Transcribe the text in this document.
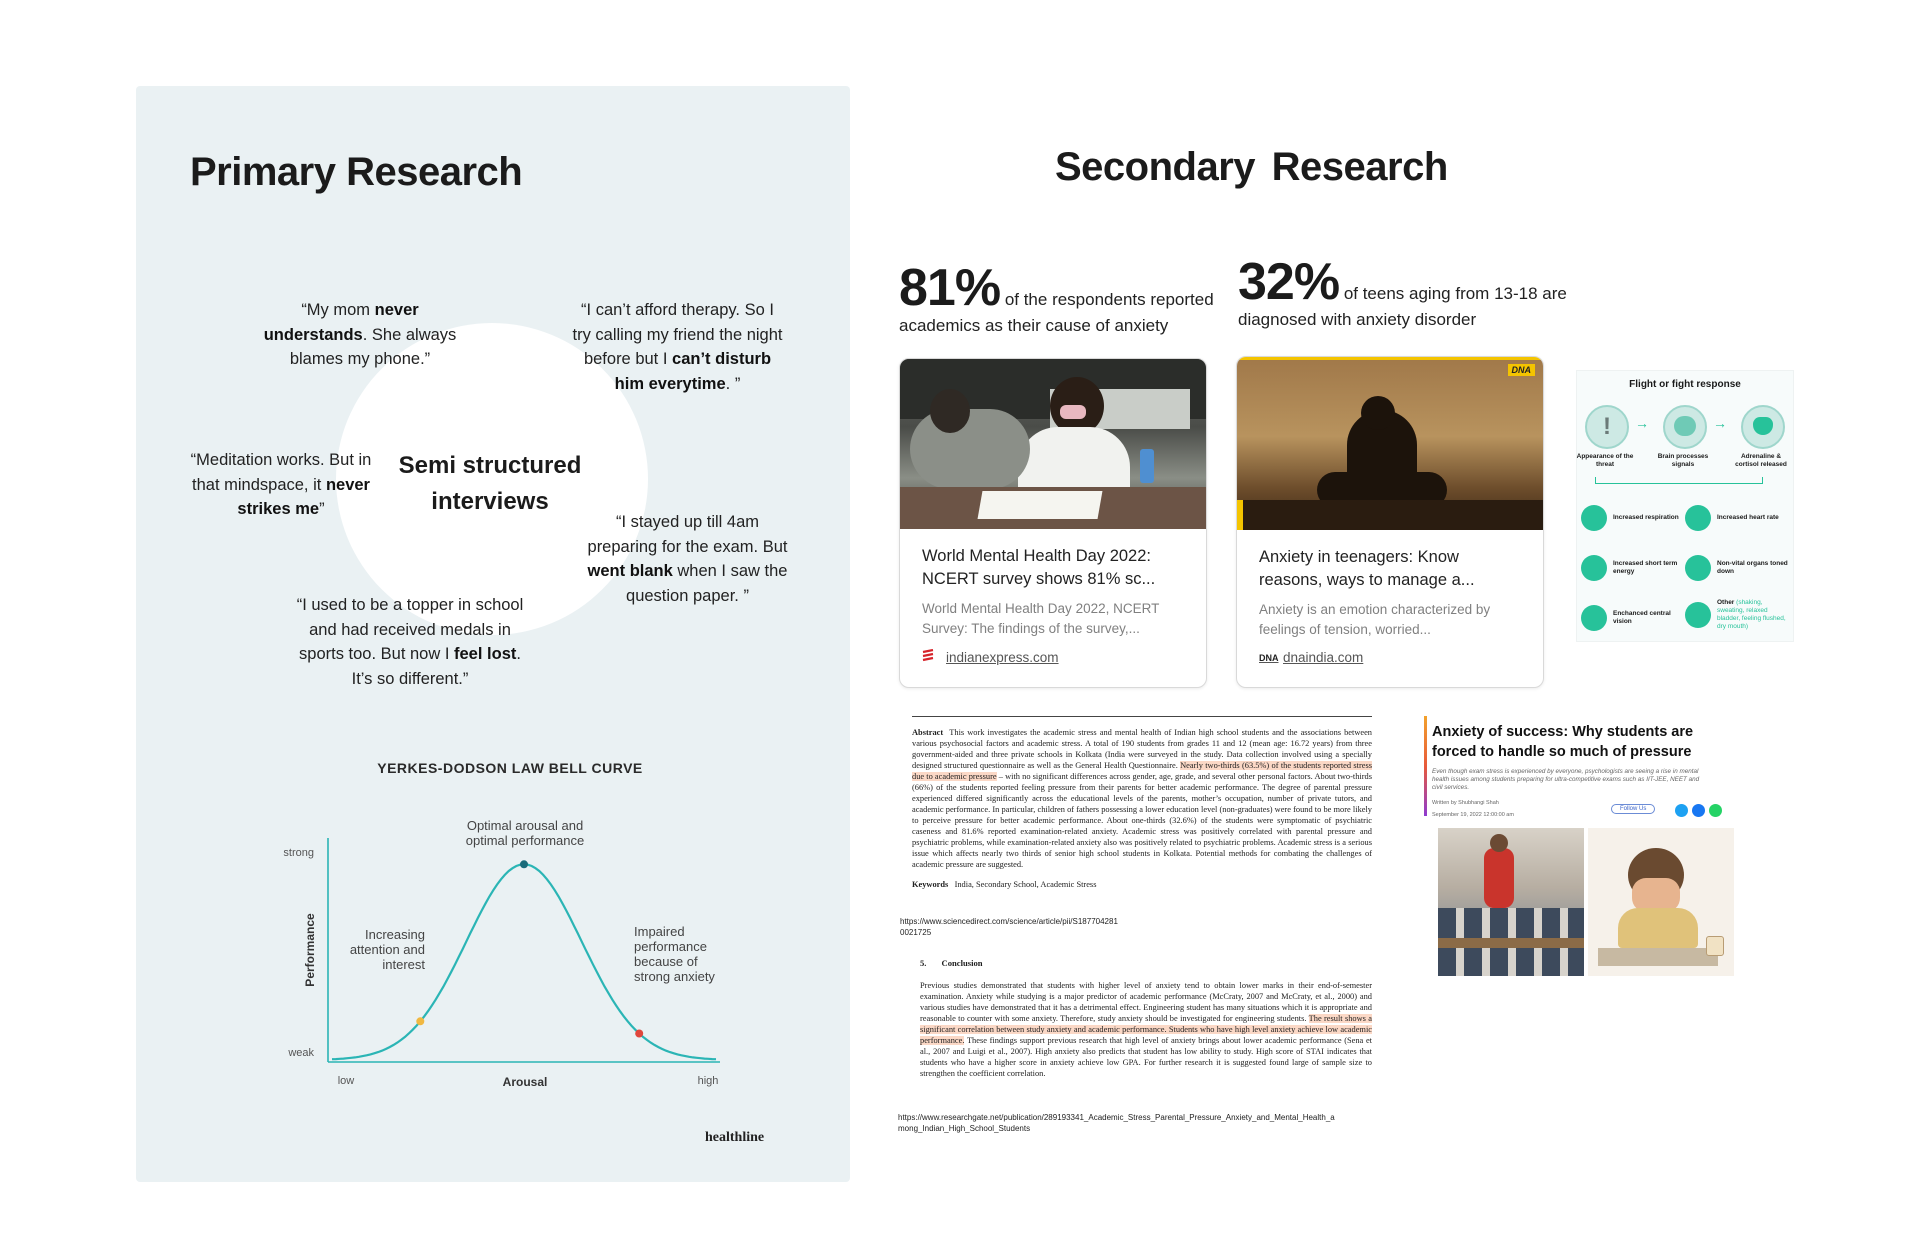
Primary Research
Semi structured interviews
“My mom never understands. She always blames my phone.”
“I can’t afford therapy. So I try calling my friend the night before but I can’t disturb him everytime. ”
“Meditation works. But in that mindspace, it never strikes me”
“I stayed up till 4am preparing for the exam. But went blank when I saw the question paper. ”
“I used to be a topper in school and had received medals in sports too. But now I feel lost. It’s so different.”
YERKES-DODSON LAW BELL CURVE
strong
weak
low	high
Arousal
Performance
Optimal arousal and optimal performance
Increasing attention and interest
Impaired performance because of strong anxiety
healthline
Secondary Research
81% of the respondents reported academics as their cause of anxiety
32% of teens aging from 13-18 are diagnosed with anxiety disorder
World Mental Health Day 2022: NCERT survey shows 81% sc...
World Mental Health Day 2022, NCERT Survey: The findings of the survey,...
indianexpress.com
DNA
Anxiety in teenagers: Know reasons, ways to manage a...
Anxiety is an emotion characterized by feelings of tension, worried...
DNA dnaindia.com
Flight or fight response
!	→	→
Appearance of the threat
Brain processes signals
Adrenaline & cortisol released
Increased respiration	Increased heart rate
Increased short term energy
Non-vital organs toned down
Enchanced central vision
Other (shaking, sweating, relaxed bladder, feeling flushed, dry mouth)
Abstract This work investigates the academic stress and mental health of Indian high school students and the associations between various psychosocial factors and academic stress. A total of 190 students from grades 11 and 12 (mean age: 16.72 years) from three government-aided and three private schools in Kolkata (India were surveyed in the study. Data collection involved using a specially designed structured questionnaire as well as the General Health Questionnaire. Nearly two-thirds (63.5%) of the students reported stress due to academic pressure – with no significant differences across gender, age, grade, and several other personal factors. About two-thirds (66%) of the students reported feeling pressure from their parents for better academic performance. The degree of parental pressure experienced differed significantly across the educational levels of the parents, mother’s occupation, number of private tutors, and academic performance. In particular, children of fathers possessing a lower education level (non-graduates) were found to be more likely to perceive pressure for better academic performance. About one-thirds (32.6%) of the students were symptomatic of psychiatric caseness and 81.6% reported examination-related anxiety. Academic stress was positively correlated with parental pressure and psychiatric problems, while examination-related anxiety also was positively related to psychiatric problems. Academic stress is a serious issue which affects nearly two thirds of senior high school students in Kolkata. Potential methods for combating the challenges of academic pressure are suggested.
Keywords India, Secondary School, Academic Stress
https://www.sciencedirect.com/science/article/pii/S1877042810021725
5.       Conclusion
Previous studies demonstrated that students with higher level of anxiety tend to obtain lower marks in their end-of-semester examination. Anxiety while studying is a major predictor of academic performance (McCraty, 2007 and McCraty, et al., 2000) and various studies have demonstrated that it has a detrimental effect. Engineering student has many situations which it is appropriate and reasonable to counter with some anxiety. Therefore, study anxiety should be investigated for engineering students. The result shows a significant correlation between study anxiety and academic performance. Students who have high level anxiety achieve low academic performance. These findings support previous research that high level of anxiety brings about lower academic performance (Sena et al., 2007 and Luigi et al., 2007). High anxiety also predicts that student has low ability to study. High score of STAI indicates that students who have a higher score in anxiety achieve low GPA. For further research it is suggested found large of sample size to strengthen the coefficient correlation.
https://www.researchgate.net/publication/289193341_Academic_Stress_Parental_Pressure_Anxiety_and_Mental_Health_among_Indian_High_School_Students
Anxiety of success: Why students are forced to handle so much of pressure
Even though exam stress is experienced by everyone, psychologists are seeing a rise in mental health issues among students preparing for ultra-competitive exams such as IIT-JEE, NEET and civil services.
Written by Shubhangi Shah
September 19, 2022 12:00:00 am
Follow Us
